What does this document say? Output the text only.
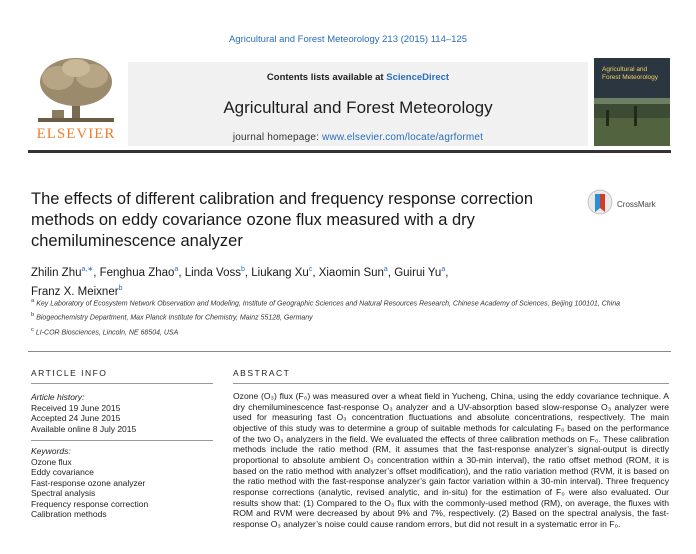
Agricultural and Forest Meteorology 213 (2015) 114–125
ELSEVIER
Contents lists available at ScienceDirect
Agricultural and Forest Meteorology
journal homepage: www.elsevier.com/locate/agrformet
Agricultural and Forest Meteorology
The effects of different calibration and frequency response correction methods on eddy covariance ozone flux measured with a dry chemiluminescence analyzer
CrossMark
Zhilin Zhu$^{a,∗}$, Fenghua Zhao$^a$, Linda Voss$^b$, Liukang Xu$^c$, Xiaomin Sun$^a$, Guirui Yu$^a$,
Franz X. Meixner$^b$
$^a$ Key Laboratory of Ecosystem Network Observation and Modeling, Institute of Geographic Sciences and Natural Resources Research, Chinese Academy of Sciences, Beijing 100101, China
$^b$ Biogeochemistry Department, Max Planck Institute for Chemistry, Mainz 55128, Germany
$^c$ LI-COR Biosciences, Lincoln, NE 68504, USA
ARTICLE INFO	ABSTRACT
Article history:
Received 19 June 2015
Accepted 24 June 2015
Available online 8 July 2015
Keywords:
Ozone flux
Eddy covariance
Fast-response ozone analyzer
Spectral analysis
Frequency response correction
Calibration methods
Ozone (O₃) flux (F₀) was measured over a wheat field in Yucheng, China, using the eddy covariance technique. A dry chemiluminescence fast-response O₃ analyzer and a UV-absorption based slow-response O₃ analyzer were used for measuring fast O₃ concentration fluctuations and absolute concentrations, respectively. The main objective of this study was to determine a group of suitable methods for calculating F₀ based on the performance of the two O₃ analyzers in the field. We evaluated the effects of three calibration methods on F₀. These calibration methods include the ratio method (RM, it assumes that the fast-response analyzer’s signal-output is directly proportional to absolute ambient O₃ concentration within a 30-min interval), the ratio offset method (ROM, it is based on the ratio method with analyzer’s offset modification), and the ratio variation method (RVM, it is based on the ratio method with the fast-response analyzer’s gain factor variation within a 30-min interval). Three frequency response corrections (analytic, revised analytic, and in-situ) for the estimation of F₀ were also evaluated. Our results show that: (1) Compared to the O₃ flux with the commonly-used method (RM), on average, the fluxes with ROM and RVM were decreased by about 9% and 7%, respectively. (2) Based on the spectral analysis, the fast-response O₃ analyzer’s noise could cause random errors, but did not result in a systematic error in F₀.
